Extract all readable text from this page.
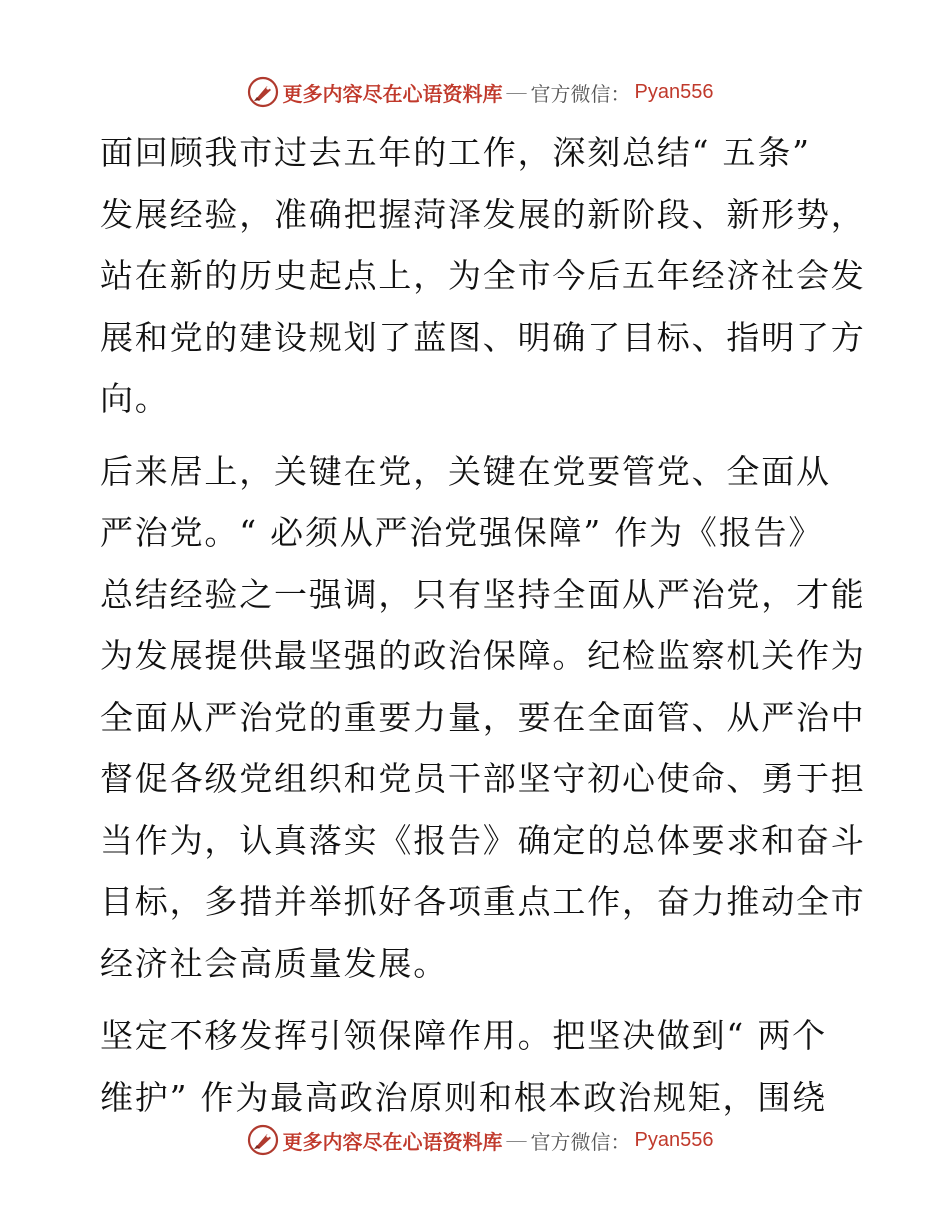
更多内容尽在心语资料库 — 官方微信： Pyan556

面回顾我市过去五年的工作，深刻总结“ 五条”
发展经验，准确把握菏泽发展的新阶段、新形势，
站在新的历史起点上，为全市今后五年经济社会发
展和党的建设规划了蓝图、明确了目标、指明了方
向。

后来居上，关键在党，关键在党要管党、全面从
严治党。“ 必须从严治党强保障” 作为《报告》
总结经验之一强调，只有坚持全面从严治党，才能
为发展提供最坚强的政治保障。纪检监察机关作为
全面从严治党的重要力量，要在全面管、从严治中
督促各级党组织和党员干部坚守初心使命、勇于担
当作为，认真落实《报告》确定的总体要求和奋斗
目标，多措并举抓好各项重点工作，奋力推动全市
经济社会高质量发展。

坚定不移发挥引领保障作用。把坚决做到“ 两个
维护” 作为最高政治原则和根本政治规矩，围绕

更多内容尽在心语资料库 — 官方微信： Pyan556
